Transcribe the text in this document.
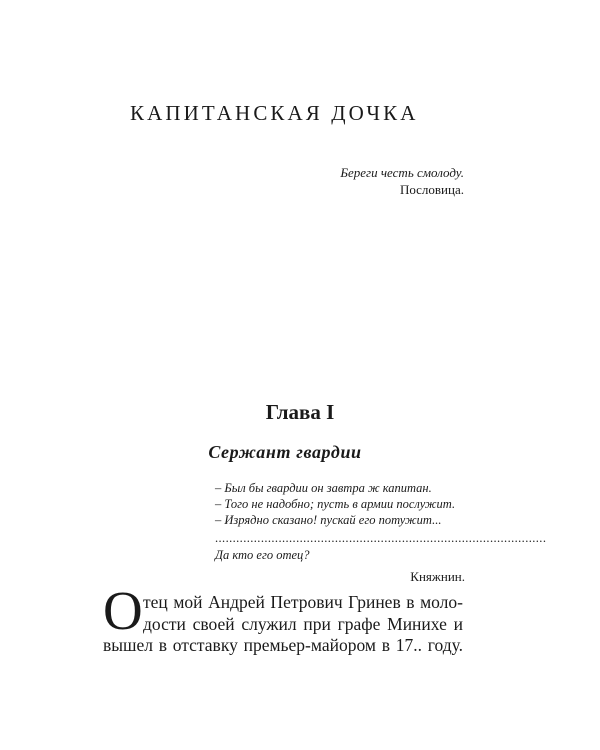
КАПИТАНСКАЯ ДОЧКА
Береги честь смолоду.
Пословица.
Глава I
Сержант гвардии
– Был бы гвардии он завтра ж капитан.
– Того не надобно; пусть в армии послужит.
– Изрядно сказано! пускай его потужит...
..............................................................................................
Да кто его отец?
Княжнин.
О тец мой Андрей Петрович Гринев в моло-
дости своей служил при графе Минихе и
вышел в отставку премьер-майором в 17.. году.
